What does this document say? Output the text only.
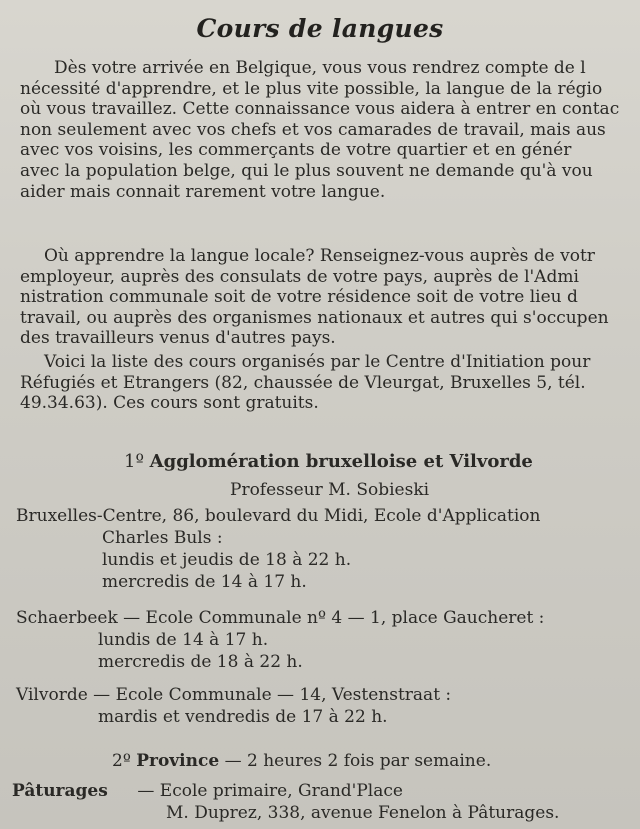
Cours de langues
Dès votre arrivée en Belgique, vous vous rendrez compte de l
nécessité d'apprendre, et le plus vite possible, la langue de la régio
où vous travaillez. Cette connaissance vous aidera à entrer en contac
non seulement avec vos chefs et vos camarades de travail, mais aus
avec vos voisins, les commerçants de votre quartier et en génér
avec la population belge, qui le plus souvent ne demande qu'à vou
aider mais connait rarement votre langue.
Où apprendre la langue locale? Renseignez-vous auprès de votr
employeur, auprès des consulats de votre pays, auprès de l'Admi
nistration communale soit de votre résidence soit de votre lieu d
travail, ou auprès des organismes nationaux et autres qui s'occupen
des travailleurs venus d'autres pays.
Voici la liste des cours organisés par le Centre d'Initiation pour
Réfugiés et Etrangers (82, chaussée de Vleurgat, Bruxelles 5, tél.
49.34.63). Ces cours sont gratuits.
1º Agglomération bruxelloise et Vilvorde
Professeur M. Sobieski
Bruxelles-Centre, 86, boulevard du Midi, Ecole d'Application
Charles Buls :
lundis et jeudis de 18 à 22 h.
mercredis de 14 à 17 h.
Schaerbeek — Ecole Communale nº 4 — 1, place Gaucheret :
lundis de 14 à 17 h.
mercredis de 18 à 22 h.
Vilvorde — Ecole Communale — 14, Vestenstraat :
mardis et vendredis de 17 à 22 h.
2º Province — 2 heures 2 fois par semaine.
Pâturages — Ecole primaire, Grand'Place
M. Duprez, 338, avenue Fenelon à Pâturages.
